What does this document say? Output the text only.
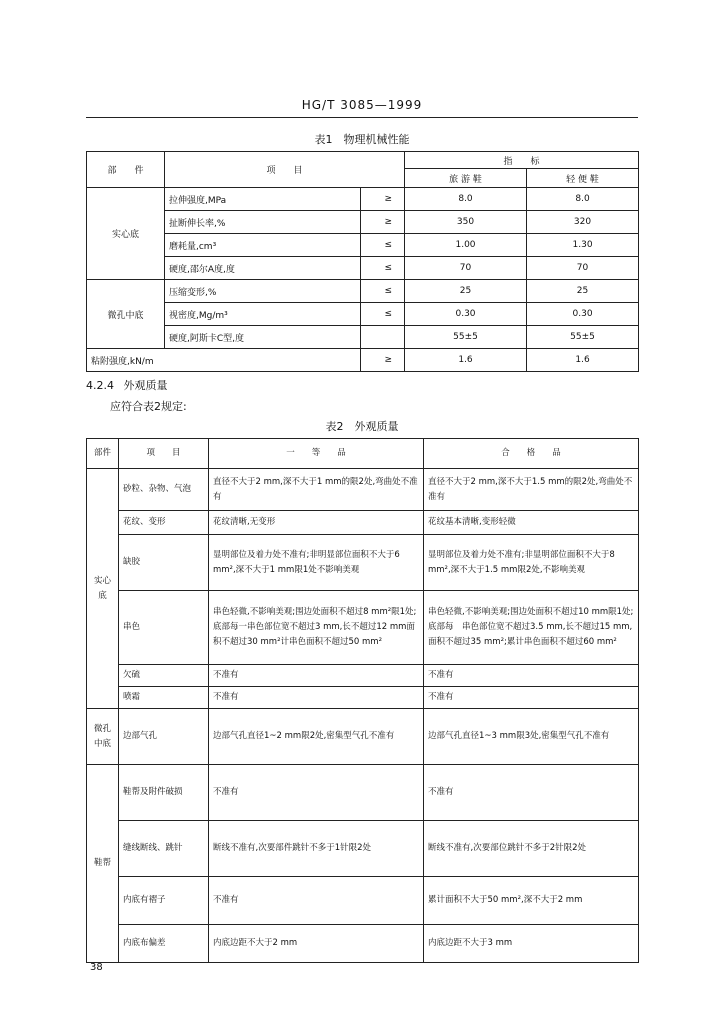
HG/T 3085—1999
表1　物理机械性能
部　　件	项　　目		指　　标	
			旅 游 鞋	轻 便 鞋
实心底	拉伸强度,MPa	≥	8.0	8.0
	扯断伸长率,%	≥	350	320
	磨耗量,cm³	≤	1.00	1.30
	硬度,邵尔A度,度	≤	70	70
微孔中底	压缩变形,%	≤	25	25
	视密度,Mg/m³	≤	0.30	0.30
	硬度,阿斯卡C型,度		55±5	55±5
粘附强度,kN/m		≥	1.6	1.6
4.2.4 外观质量
应符合表2规定:
表2　外观质量
部件	项　　目	一　　等　　品	合　　格　　品
实心底	砂粒、杂物、气泡	直径不大于2 mm,深不大于1 mm的限2处,弯曲处不准有	直径不大于2 mm,深不大于1.5 mm的限2处,弯曲处不准有
	花纹、变形	花纹清晰,无变形	花纹基本清晰,变形轻微
	缺胶	显明部位及着力处不准有;非明显部位面积不大于6 mm²,深不大于1 mm限1处不影响美观	显明部位及着力处不准有;非显明部位面积不大于8 mm²,深不大于1.5 mm限2处,不影响美观
	串色	串色轻微,不影响美观;围边处面积不超过8 mm²限1处;底部每一串色部位宽不超过3 mm,长不超过12 mm面积不超过30 mm²计串色面积不超过50 mm²	串色轻微,不影响美观;围边处面积不超过10 mm限1处;底部每　串色部位宽不超过3.5 mm,长不超过15 mm,面积不超过35 mm²;累计串色面积不超过60 mm²
	欠硫	不准有	不准有
	喷霜	不准有	不准有
微孔中底	边部气孔	边部气孔直径1~2 mm限2处,密集型气孔不准有	边部气孔直径1~3 mm限3处,密集型气孔不准有
鞋帮	鞋帮及附件破损	不准有	不准有
	缝线断线、跳针	断线不准有,次要部件跳针不多于1针限2处	断线不准有,次要部位跳针不多于2针限2处
	内底有褶子	不准有	累计面积不大于50 mm²,深不大于2 mm
	内底布偏差	内底边距不大于2 mm	内底边距不大于3 mm
38
